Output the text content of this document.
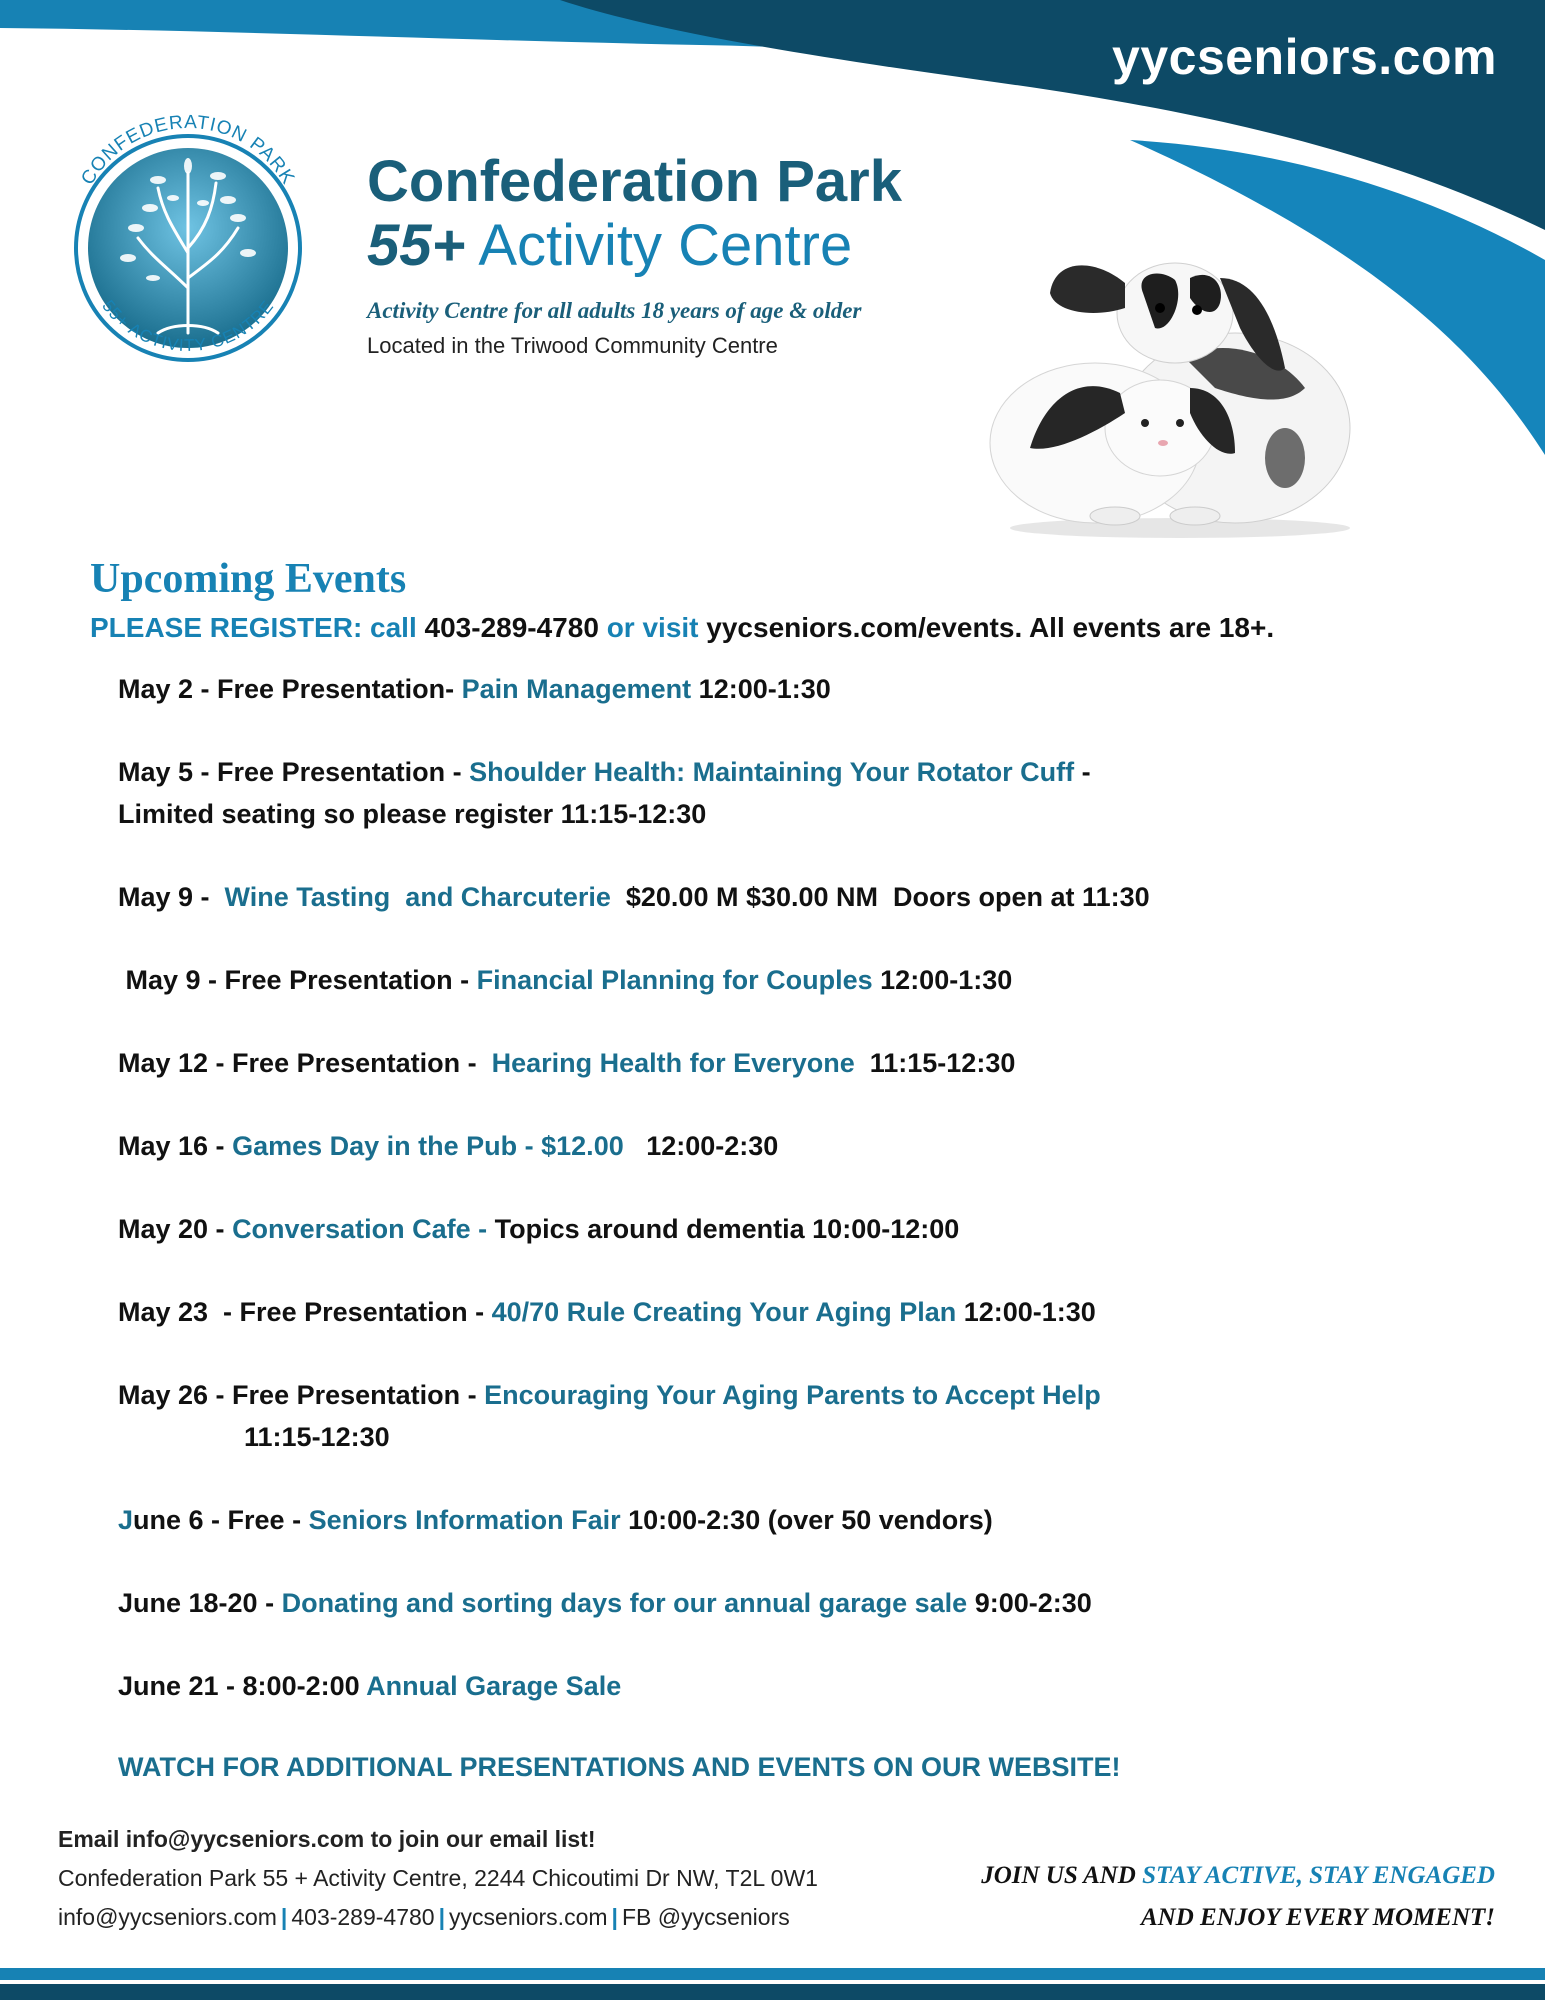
yycseniors.com
CONFEDERATION PARK
55+ ACTIVITY CENTRE
Confederation Park
55+ Activity Centre
Activity Centre for all adults 18 years of age & older
Located in the Triwood Community Centre
Upcoming Events
PLEASE REGISTER: call 403-289-4780 or visit yycseniors.com/events. All events are 18+.
May 2 - Free Presentation- Pain Management 12:00-1:30
May 5 - Free Presentation - Shoulder Health: Maintaining Your Rotator Cuff -
Limited seating so please register 11:15-12:30
May 9 -  Wine Tasting  and Charcuterie  $20.00 M $30.00 NM  Doors open at 11:30
May 9 - Free Presentation - Financial Planning for Couples 12:00-1:30
May 12 - Free Presentation -  Hearing Health for Everyone  11:15-12:30
May 16 - Games Day in the Pub - $12.00   12:00-2:30
May 20 - Conversation Cafe - Topics around dementia 10:00-12:00
May 23  - Free Presentation - 40/70 Rule Creating Your Aging Plan 12:00-1:30
May 26 - Free Presentation - Encouraging Your Aging Parents to Accept Help
11:15-12:30
June 6 - Free - Seniors Information Fair 10:00-2:30 (over 50 vendors)
June 18-20 - Donating and sorting days for our annual garage sale 9:00-2:30
June 21 - 8:00-2:00 Annual Garage Sale
WATCH FOR ADDITIONAL PRESENTATIONS AND EVENTS ON OUR WEBSITE!
Email info@yycseniors.com to join our email list!
Confederation Park 55 + Activity Centre, 2244 Chicoutimi Dr NW, T2L 0W1
info@yycseniors.com | 403-289-4780 | yycseniors.com | FB @yycseniors
JOIN US AND STAY ACTIVE, STAY ENGAGED
AND ENJOY EVERY MOMENT!
